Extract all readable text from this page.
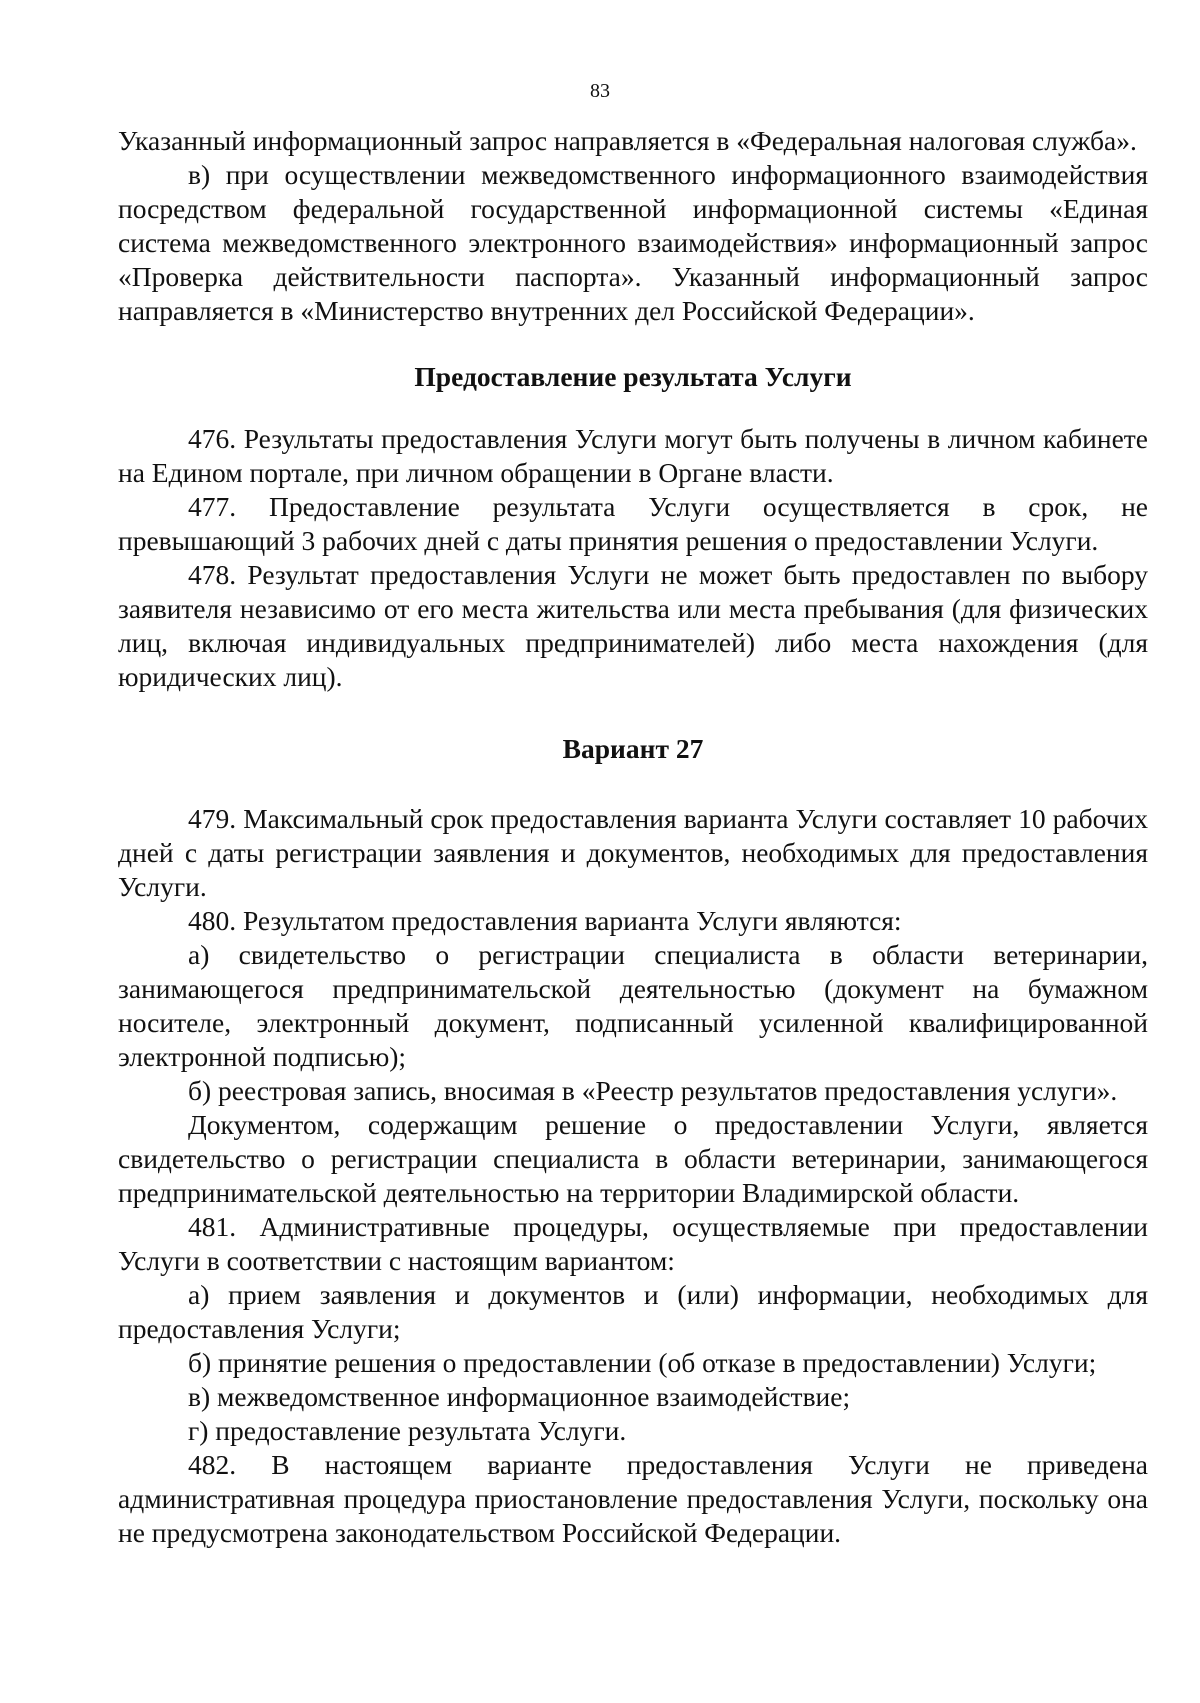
83

Указанный информационный запрос направляется в «Федеральная налоговая служба».

в) при осуществлении межведомственного информационного взаимодействия посредством федеральной государственной информационной системы «Единая система межведомственного электронного взаимодействия» информационный запрос «Проверка действительности паспорта». Указанный информационный запрос направляется в «Министерство внутренних дел Российской Федерации».

Предоставление результата Услуги

476. Результаты предоставления Услуги могут быть получены в личном кабинете на Едином портале, при личном обращении в Органе власти.

477. Предоставление результата Услуги осуществляется в срок, не превышающий 3 рабочих дней с даты принятия решения о предоставлении Услуги.

478. Результат предоставления Услуги не может быть предоставлен по выбору заявителя независимо от его места жительства или места пребывания (для физических лиц, включая индивидуальных предпринимателей) либо места нахождения (для юридических лиц).

Вариант 27

479. Максимальный срок предоставления варианта Услуги составляет 10 рабочих дней с даты регистрации заявления и документов, необходимых для предоставления Услуги.

480. Результатом предоставления варианта Услуги являются:

а) свидетельство о регистрации специалиста в области ветеринарии, занимающегося предпринимательской деятельностью (документ на бумажном носителе, электронный документ, подписанный усиленной квалифицированной электронной подписью);

б) реестровая запись, вносимая в «Реестр результатов предоставления услуги».

Документом, содержащим решение о предоставлении Услуги, является свидетельство о регистрации специалиста в области ветеринарии, занимающегося предпринимательской деятельностью на территории Владимирской области.

481. Административные процедуры, осуществляемые при предоставлении Услуги в соответствии с настоящим вариантом:

а) прием заявления и документов и (или) информации, необходимых для предоставления Услуги;

б) принятие решения о предоставлении (об отказе в предоставлении) Услуги;

в) межведомственное информационное взаимодействие;

г) предоставление результата Услуги.

482. В настоящем варианте предоставления Услуги не приведена административная процедура приостановление предоставления Услуги, поскольку она не предусмотрена законодательством Российской Федерации.
